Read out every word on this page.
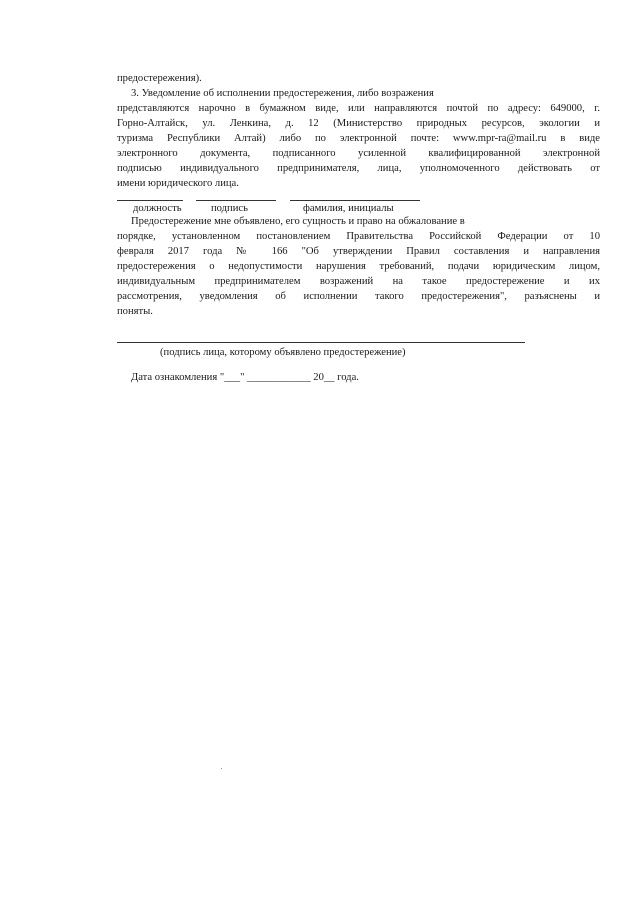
предостережения).
3. Уведомление об исполнении предостережения, либо возражения
представляются нарочно в бумажном виде, или направляются почтой по адресу: 649000, г.
Горно-Алтайск, ул. Ленкина, д. 12 (Министерство природных ресурсов, экологии и
туризма Республики Алтай) либо по электронной почте: www.mpr-ra@mail.ru в виде
электронного документа, подписанного усиленной квалифицированной электронной
подписью индивидуального предпринимателя, лица, уполномоченного действовать от
имени юридического лица.
должность	подпись	фамилия, инициалы
Предостережение мне объявлено, его сущность и право на обжалование в
порядке, установленном постановлением Правительства Российской Федерации от 10
февраля 2017 года № 166 "Об утверждении Правил составления и направления
предостережения о недопустимости нарушения требований, подачи юридическим лицом,
индивидуальным предпринимателем возражений на такое предостережение и их
рассмотрения, уведомления об исполнении такого предостережения", разъяснены и
поняты.
(подпись лица, которому объявлено предостережение)
Дата ознакомления "___" ____________ 20__ года.
